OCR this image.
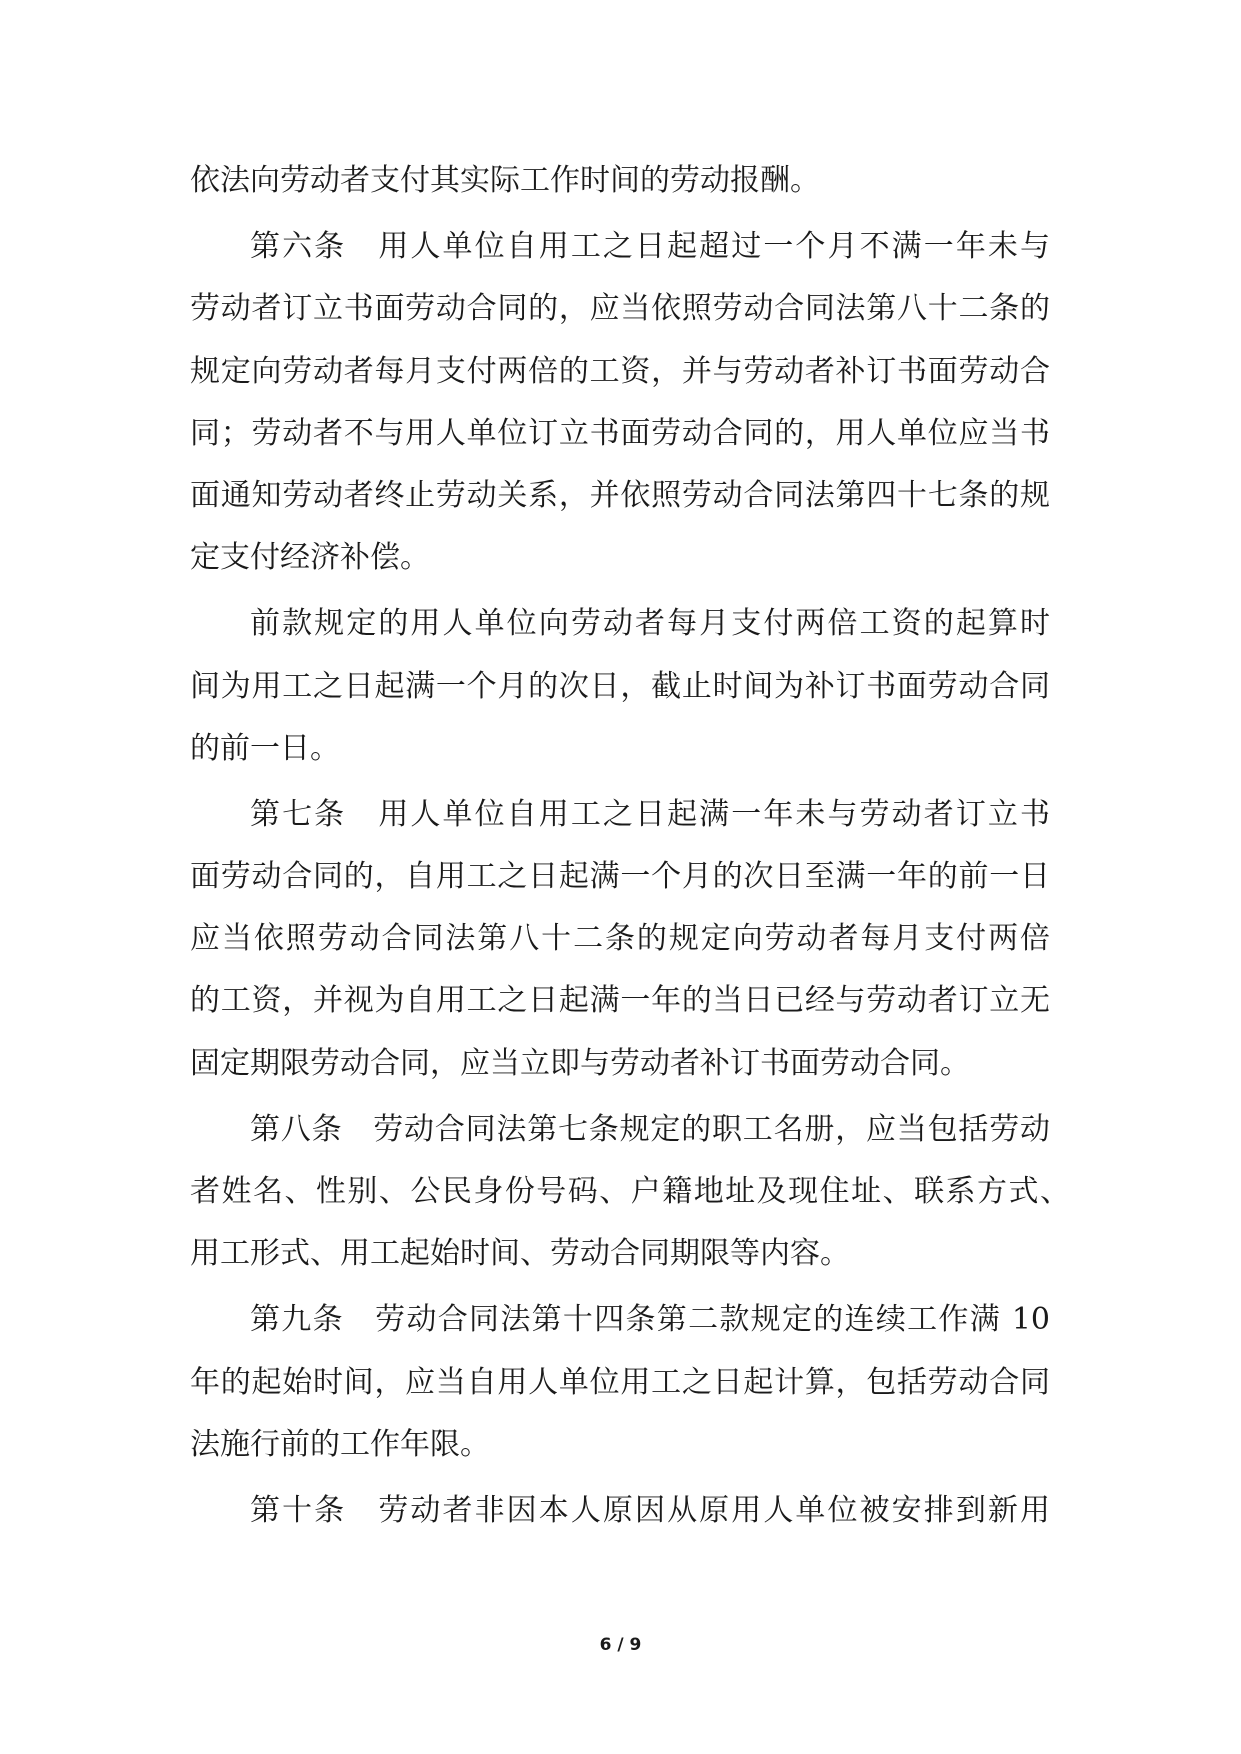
依法向劳动者支付其实际工作时间的劳动报酬。
第六条　用人单位自用工之日起超过一个月不满一年未与
劳动者订立书面劳动合同的，应当依照劳动合同法第八十二条的
规定向劳动者每月支付两倍的工资，并与劳动者补订书面劳动合
同；劳动者不与用人单位订立书面劳动合同的，用人单位应当书
面通知劳动者终止劳动关系，并依照劳动合同法第四十七条的规
定支付经济补偿。
前款规定的用人单位向劳动者每月支付两倍工资的起算时
间为用工之日起满一个月的次日，截止时间为补订书面劳动合同
的前一日。
第七条　用人单位自用工之日起满一年未与劳动者订立书
面劳动合同的，自用工之日起满一个月的次日至满一年的前一日
应当依照劳动合同法第八十二条的规定向劳动者每月支付两倍
的工资，并视为自用工之日起满一年的当日已经与劳动者订立无
固定期限劳动合同，应当立即与劳动者补订书面劳动合同。
第八条　劳动合同法第七条规定的职工名册，应当包括劳动
者姓名、性别、公民身份号码、户籍地址及现住址、联系方式、
用工形式、用工起始时间、劳动合同期限等内容。
第九条　劳动合同法第十四条第二款规定的连续工作满 10
年的起始时间，应当自用人单位用工之日起计算，包括劳动合同
法施行前的工作年限。
第十条　劳动者非因本人原因从原用人单位被安排到新用
6 / 9
